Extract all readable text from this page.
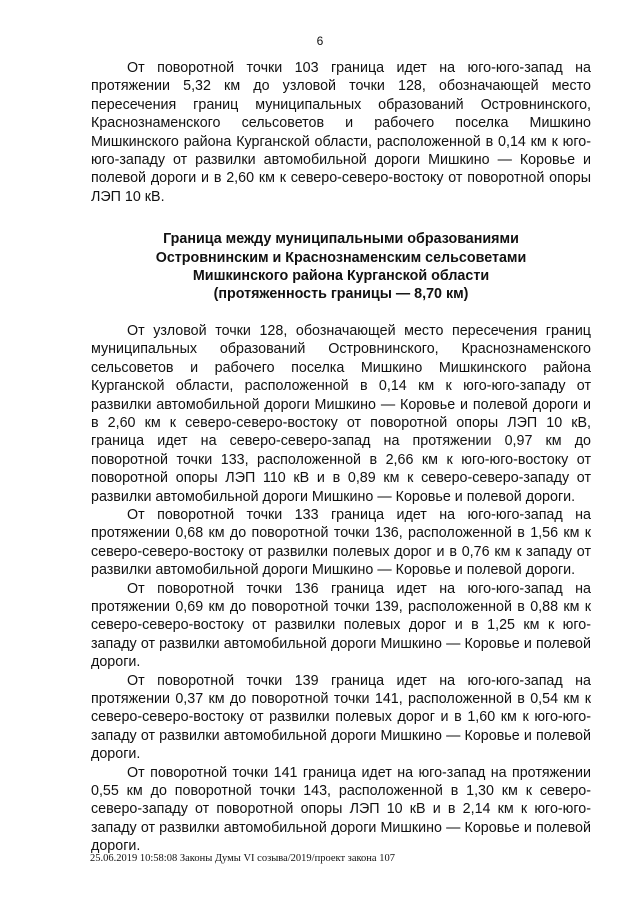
6

От поворотной точки 103 граница идет на юго-юго-запад на протяжении 5,32 км до узловой точки 128, обозначающей место пересечения границ муниципальных образований Островнинского, Краснознаменского сельсоветов и рабочего поселка Мишкино Мишкинского района Курганской области, расположенной в 0,14 км к юго-юго-западу от развилки автомобильной дороги Мишкино — Коровье и полевой дороги и в 2,60 км к северо-северо-востоку от поворотной опоры ЛЭП 10 кВ.

Граница между муниципальными образованиями
Островнинским и Краснознаменским сельсоветами
Мишкинского района Курганской области
(протяженность границы — 8,70 км)

От узловой точки 128, обозначающей место пересечения границ муниципальных образований Островнинского, Краснознаменского сельсоветов и рабочего поселка Мишкино Мишкинского района Курганской области, расположенной в 0,14 км к юго-юго-западу от развилки автомобильной дороги Мишкино — Коровье и полевой дороги и в 2,60 км к северо-северо-востоку от поворотной опоры ЛЭП 10 кВ, граница идет на северо-северо-запад на протяжении 0,97 км до поворотной точки 133, расположенной в 2,66 км к юго-юго-востоку от поворотной опоры ЛЭП 110 кВ и в 0,89 км к северо-северо-западу от развилки автомобильной дороги Мишкино — Коровье и полевой дороги.

От поворотной точки 133 граница идет на юго-юго-запад на протяжении 0,68 км до поворотной точки 136, расположенной в 1,56 км к северо-северо-востоку от развилки полевых дорог и в 0,76 км к западу от развилки автомобильной дороги Мишкино — Коровье и полевой дороги.

От поворотной точки 136 граница идет на юго-юго-запад на протяжении 0,69 км до поворотной точки 139, расположенной в 0,88 км к северо-северо-востоку от развилки полевых дорог и в 1,25 км к юго-западу от развилки автомобильной дороги Мишкино — Коровье и полевой дороги.

От поворотной точки 139 граница идет на юго-юго-запад на протяжении 0,37 км до поворотной точки 141, расположенной в 0,54 км к северо-северо-востоку от развилки полевых дорог и в 1,60 км к юго-юго-западу от развилки автомобильной дороги Мишкино — Коровье и полевой дороги.

От поворотной точки 141 граница идет на юго-запад на протяжении 0,55 км до поворотной точки 143, расположенной в 1,30 км к северо-северо-западу от поворотной опоры ЛЭП 10 кВ и в 2,14 км к юго-юго-западу от развилки автомобильной дороги Мишкино — Коровье и полевой дороги.

25.06.2019 10:58:08 Законы Думы VI созыва/2019/проект закона 107
